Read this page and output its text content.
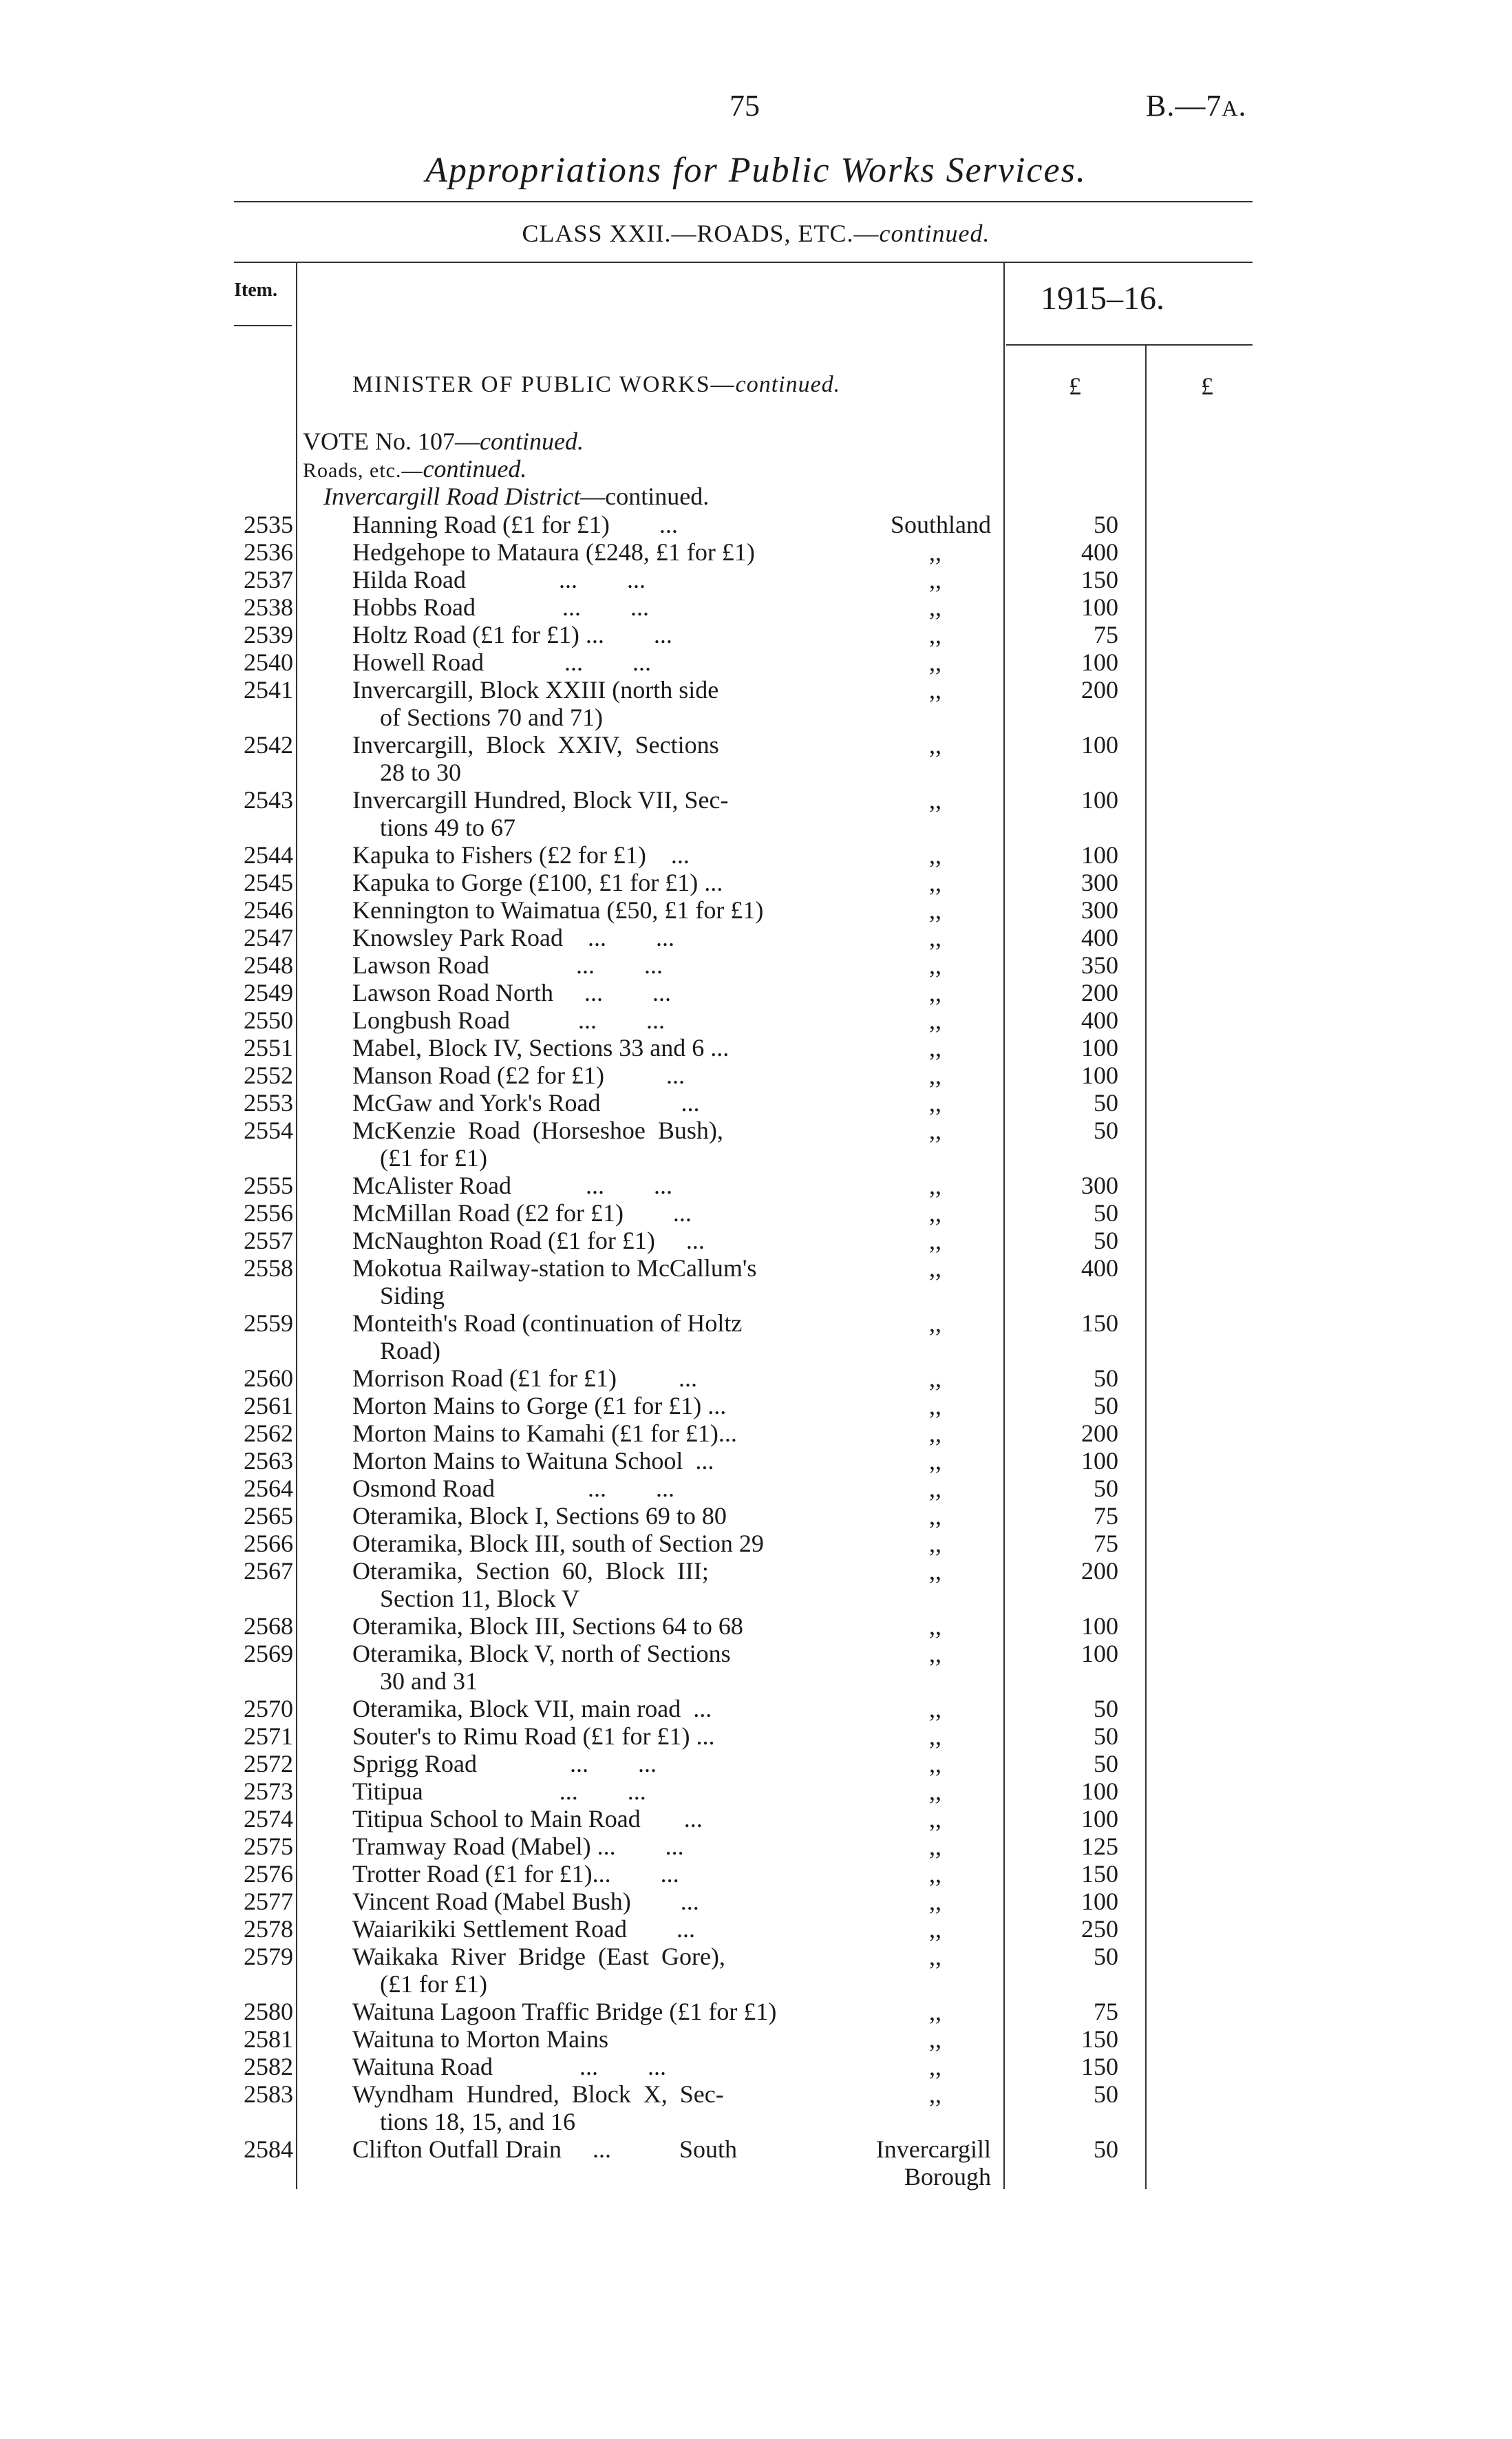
75	B.—7A.
Appropriations for Public Works Services.
CLASS XXII.—ROADS, ETC.—continued.
Item.	1915–16.
MINISTER OF PUBLIC WORKS—continued.	£	£
VOTE No. 107—continued.
Roads, etc.—continued.
Invercargill Road District—continued.
2535 Hanning Road (£1 for £1)        ...	Southland	50
2536 Hedgehope to Mataura (£248, £1 for £1)	,,	400
2537 Hilda Road               ...        ...	,,	150
2538 Hobbs Road              ...        ...	,,	100
2539 Holtz Road (£1 for £1) ...        ...	,,	75
2540 Howell Road             ...        ...	,,	100
2541 Invercargill, Block XXIII (north side
of Sections 70 and 71)
,,	200
2542 Invercargill,  Block  XXIV,  Sections
28 to 30
,,	100
2543 Invercargill Hundred, Block VII, Sec-
tions 49 to 67
,,	100
2544 Kapuka to Fishers (£2 for £1)    ...	,,	100
2545 Kapuka to Gorge (£100, £1 for £1) ...	,,	300
2546 Kennington to Waimatua (£50, £1 for £1)	,,	300
2547 Knowsley Park Road    ...        ...	,,	400
2548 Lawson Road              ...        ...	,,	350
2549 Lawson Road North     ...        ...	,,	200
2550 Longbush Road           ...        ...	,,	400
2551 Mabel, Block IV, Sections 33 and 6 ...	,,	100
2552 Manson Road (£2 for £1)          ...	,,	100
2553 McGaw and York's Road             ...	,,	50
2554 McKenzie  Road  (Horseshoe  Bush),
(£1 for £1)
,,	50
2555 McAlister Road            ...        ...	,,	300
2556 McMillan Road (£2 for £1)        ...	,,	50
2557 McNaughton Road (£1 for £1)     ...	,,	50
2558 Mokotua Railway-station to McCallum's
Siding
,,	400
2559 Monteith's Road (continuation of Holtz
Road)
,,	150
2560 Morrison Road (£1 for £1)          ...	,,	50
2561 Morton Mains to Gorge (£1 for £1) ...	,,	50
2562 Morton Mains to Kamahi (£1 for £1)...	,,	200
2563 Morton Mains to Waituna School  ...	,,	100
2564 Osmond Road               ...        ...	,,	50
2565 Oteramika, Block I, Sections 69 to 80	,,	75
2566 Oteramika, Block III, south of Section 29	,,	75
2567 Oteramika,  Section  60,  Block  III;
Section 11, Block V
,,	200
2568 Oteramika, Block III, Sections 64 to 68	,,	100
2569 Oteramika, Block V, north of Sections
30 and 31
,,	100
2570 Oteramika, Block VII, main road  ...	,,	50
2571 Souter's to Rimu Road (£1 for £1) ...	,,	50
2572 Sprigg Road               ...        ...	,,	50
2573 Titipua                      ...        ...	,,	100
2574 Titipua School to Main Road       ...	,,	100
2575 Tramway Road (Mabel) ...        ...	,,	125
2576 Trotter Road (£1 for £1)...        ...	,,	150
2577 Vincent Road (Mabel Bush)        ...	,,	100
2578 Waiarikiki Settlement Road        ...	,,	250
2579 Waikaka  River  Bridge  (East  Gore),
(£1 for £1)
,,	50
2580 Waituna Lagoon Traffic Bridge (£1 for £1)	,,	75
2581 Waituna to Morton Mains	,,	150
2582 Waituna Road              ...        ...	,,	150
2583 Wyndham  Hundred,  Block  X,  Sec-
tions 18, 15, and 16
,,	50
2584 Clifton Outfall Drain     ...           South	Invercargill
Borough
50
